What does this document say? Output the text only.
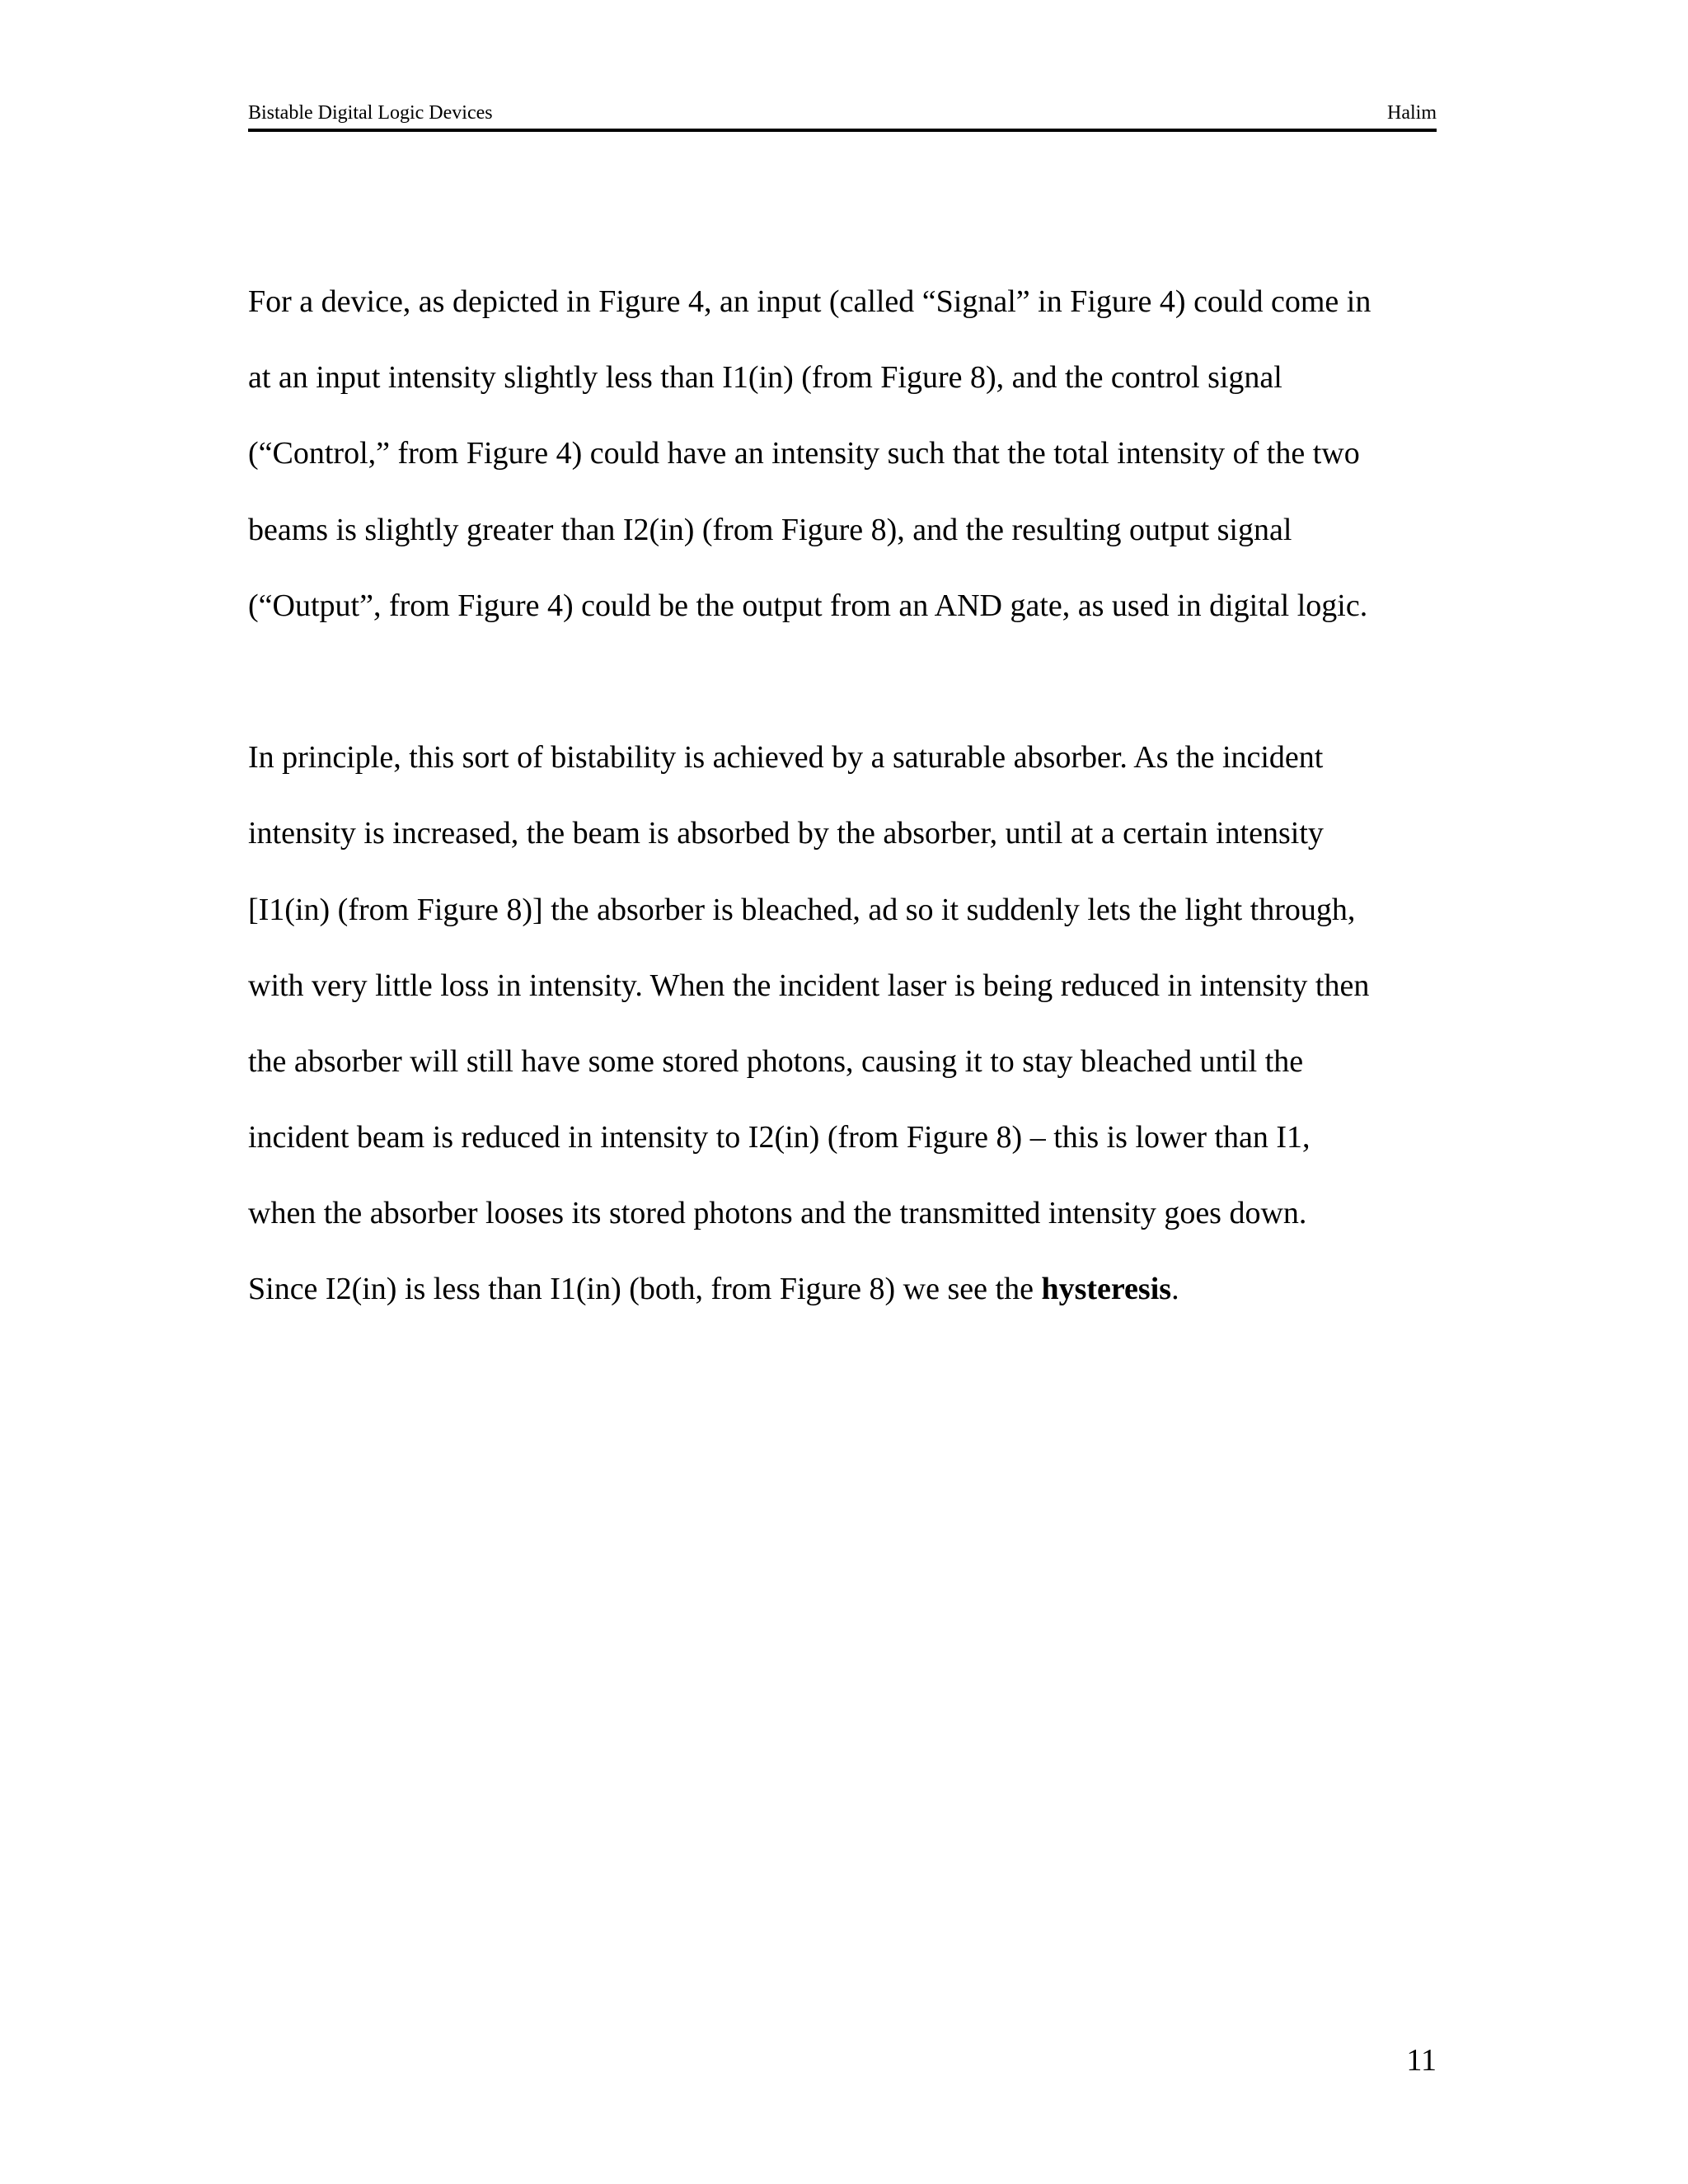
Bistable Digital Logic Devices	Halim

For a device, as depicted in Figure 4, an input (called “Signal” in Figure 4) could come in
at an input intensity slightly less than I1(in) (from Figure 8), and the control signal
(“Control,” from Figure 4) could have an intensity such that the total intensity of the two
beams is slightly greater than I2(in) (from Figure 8), and the resulting output signal
(“Output”, from Figure 4) could be the output from an AND gate, as used in digital logic.

In principle, this sort of bistability is achieved by a saturable absorber. As the incident
intensity is increased, the beam is absorbed by the absorber, until at a certain intensity
[I1(in) (from Figure 8)] the absorber is bleached, ad so it suddenly lets the light through,
with very little loss in intensity. When the incident laser is being reduced in intensity then
the absorber will still have some stored photons, causing it to stay bleached until the
incident beam is reduced in intensity to I2(in) (from Figure 8) – this is lower than I1,
when the absorber looses its stored photons and the transmitted intensity goes down.
Since I2(in) is less than I1(in) (both, from Figure 8) we see the hysteresis.

11
